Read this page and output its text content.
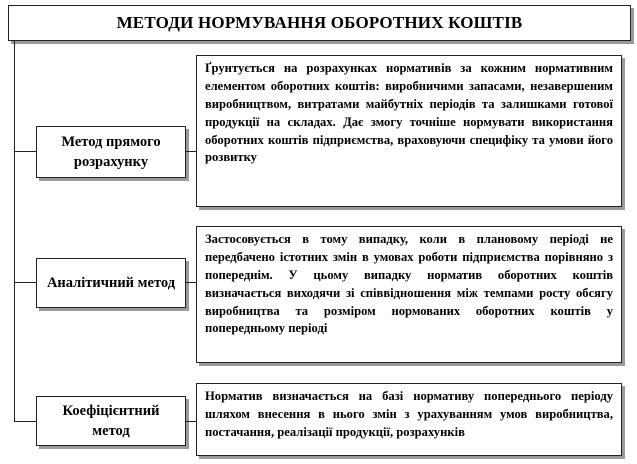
МЕТОДИ НОРМУВАННЯ ОБОРОТНИХ КОШТІВ
Метод прямого розрахунку
Ґрунтується на розрахунках нормативів за кожним нормативним елементом оборотних коштів: виробничими запасами, незавершеним виробництвом, витратами майбутніх періодів та залишками готової продукції на складах. Дає змогу точніше нормувати використання оборотних коштів підприємства, враховуючи специфіку та умови його розвитку
Аналітичний метод
Застосовується в тому випадку, коли в плановому періоді не передбачено істотних змін в умовах роботи підприємства порівняно з попереднім. У цьому випадку норматив оборотних коштів визначається виходячи зі співвідношення між темпами росту обсягу виробництва та розміром нормованих оборотних коштів у попередньому періоді
Коефіцієнтний метод
Норматив визначається на базі нормативу попереднього періоду шляхом внесення в нього змін з урахуванням умов виробництва, постачання, реалізації продукції, розрахунків
